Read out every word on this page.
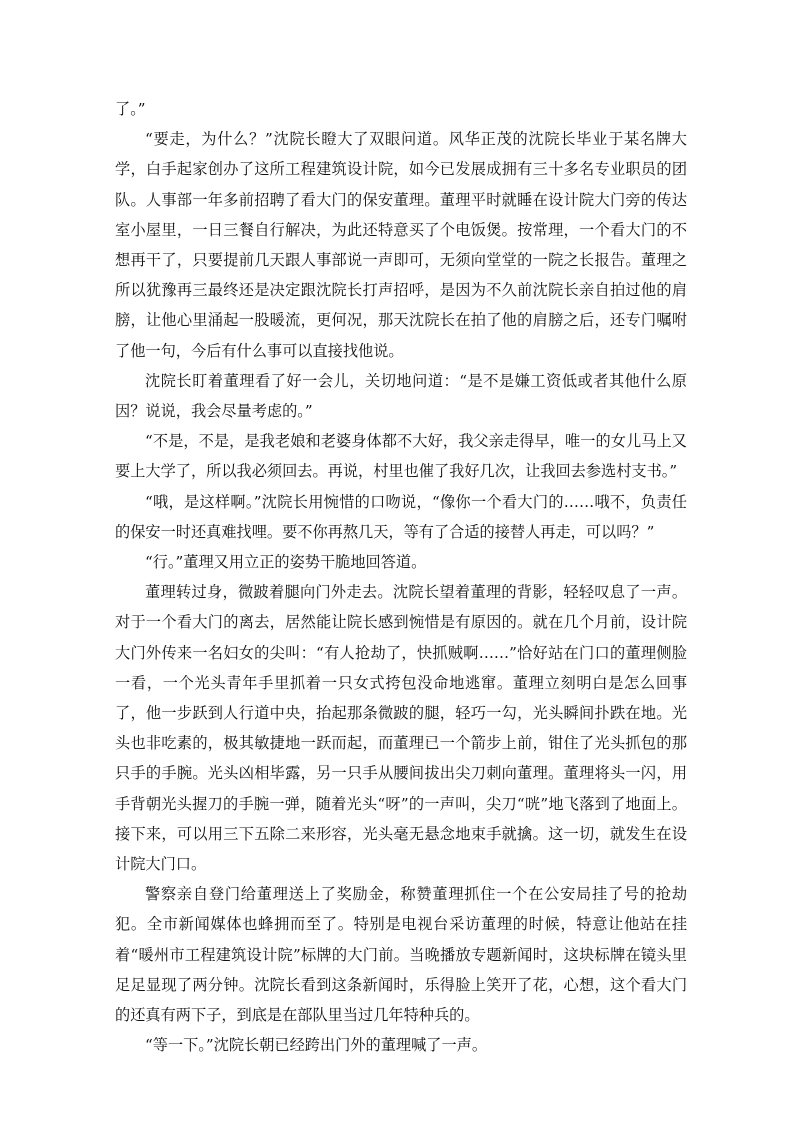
了。”

“要走，为什么？”沈院长瞪大了双眼问道。风华正茂的沈院长毕业于某名牌大学，白手起家创办了这所工程建筑设计院，如今已发展成拥有三十多名专业职员的团队。人事部一年多前招聘了看大门的保安董理。董理平时就睡在设计院大门旁的传达室小屋里，一日三餐自行解决，为此还特意买了个电饭煲。按常理，一个看大门的不想再干了，只要提前几天跟人事部说一声即可，无须向堂堂的一院之长报告。董理之所以犹豫再三最终还是决定跟沈院长打声招呼，是因为不久前沈院长亲自拍过他的肩膀，让他心里涌起一股暖流，更何况，那天沈院长在拍了他的肩膀之后，还专门嘱咐了他一句，今后有什么事可以直接找他说。

沈院长盯着董理看了好一会儿，关切地问道：“是不是嫌工资低或者其他什么原因？说说，我会尽量考虑的。”

“不是，不是，是我老娘和老婆身体都不大好，我父亲走得早，唯一的女儿马上又要上大学了，所以我必须回去。再说，村里也催了我好几次，让我回去参选村支书。”

“哦，是这样啊。”沈院长用惋惜的口吻说，“像你一个看大门的……哦不，负责任的保安一时还真难找哩。要不你再熬几天，等有了合适的接替人再走，可以吗？”

“行。”董理又用立正的姿势干脆地回答道。

董理转过身，微跛着腿向门外走去。沈院长望着董理的背影，轻轻叹息了一声。对于一个看大门的离去，居然能让院长感到惋惜是有原因的。就在几个月前，设计院大门外传来一名妇女的尖叫：“有人抢劫了，快抓贼啊……”恰好站在门口的董理侧脸一看，一个光头青年手里抓着一只女式挎包没命地逃窜。董理立刻明白是怎么回事了，他一步跃到人行道中央，抬起那条微跛的腿，轻巧一勾，光头瞬间扑跌在地。光头也非吃素的，极其敏捷地一跃而起，而董理已一个箭步上前，钳住了光头抓包的那只手的手腕。光头凶相毕露，另一只手从腰间拔出尖刀刺向董理。董理将头一闪，用手背朝光头握刀的手腕一弹，随着光头“呀”的一声叫，尖刀“咣”地飞落到了地面上。接下来，可以用三下五除二来形容，光头毫无悬念地束手就擒。这一切，就发生在设计院大门口。

警察亲自登门给董理送上了奖励金，称赞董理抓住一个在公安局挂了号的抢劫犯。全市新闻媒体也蜂拥而至了。特别是电视台采访董理的时候，特意让他站在挂着“暖州市工程建筑设计院”标牌的大门前。当晚播放专题新闻时，这块标牌在镜头里足足显现了两分钟。沈院长看到这条新闻时，乐得脸上笑开了花，心想，这个看大门的还真有两下子，到底是在部队里当过几年特种兵的。

“等一下。”沈院长朝已经跨出门外的董理喊了一声。
